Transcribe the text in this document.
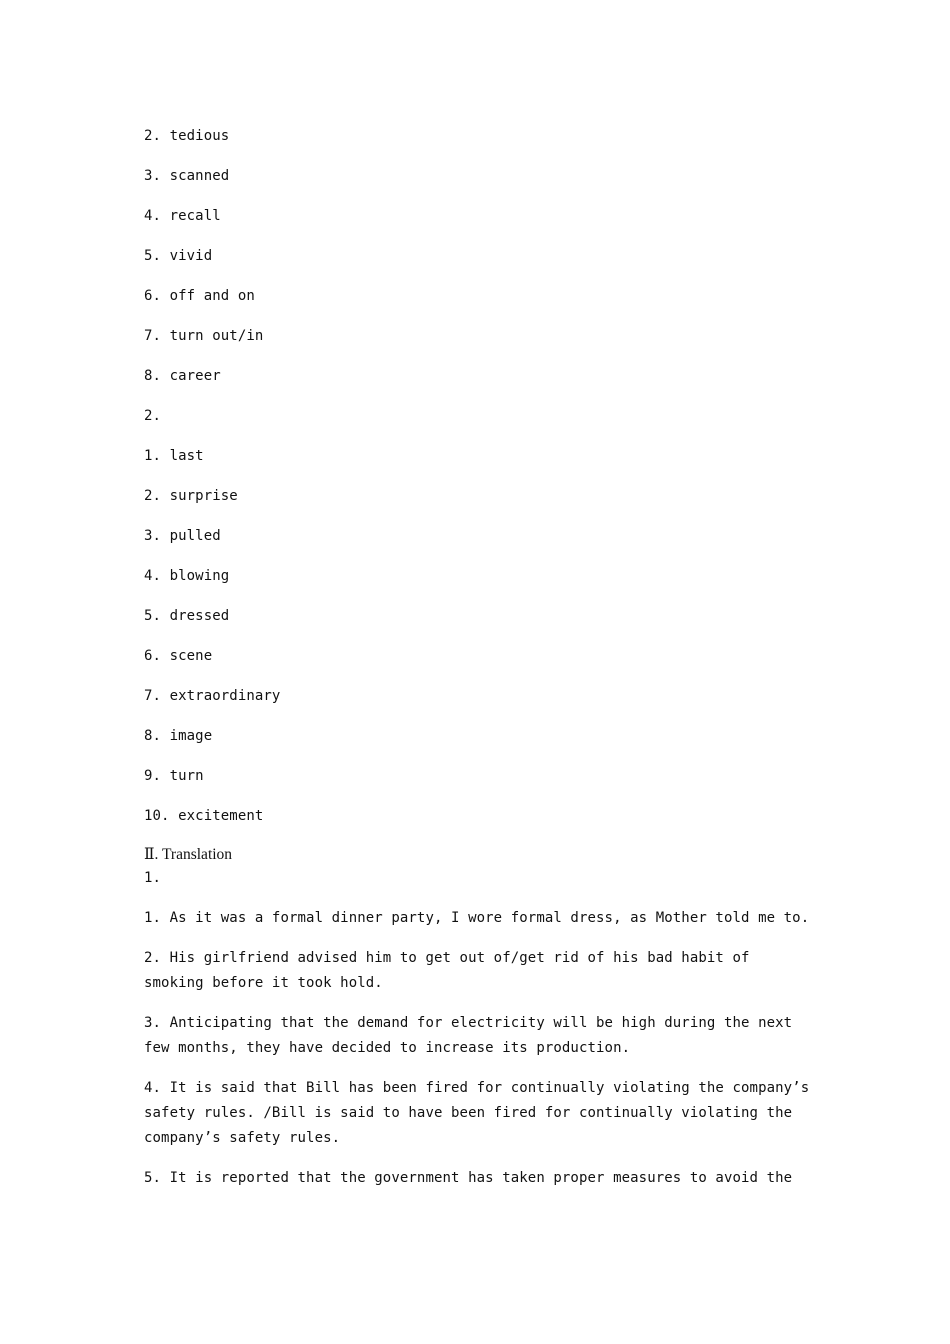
2. tedious
3. scanned
4. recall
5. vivid
6. off and on
7. turn out/in
8. career
2.
1. last
2. surprise
3. pulled
4. blowing
5. dressed
6. scene
7. extraordinary
8. image
9. turn
10. excitement
Ⅱ. Translation
1.
1. As it was a formal dinner party, I wore formal dress, as Mother told me to.
2. His girlfriend advised him to get out of/get rid of his bad habit of smoking before it took hold.
3. Anticipating that the demand for electricity will be high during the next few months, they have decided to increase its production.
4. It is said that Bill has been fired for continually violating the company’s safety rules. /Bill is said to have been fired for continually violating the company’s safety rules.
5. It is reported that the government has taken proper measures to avoid the
